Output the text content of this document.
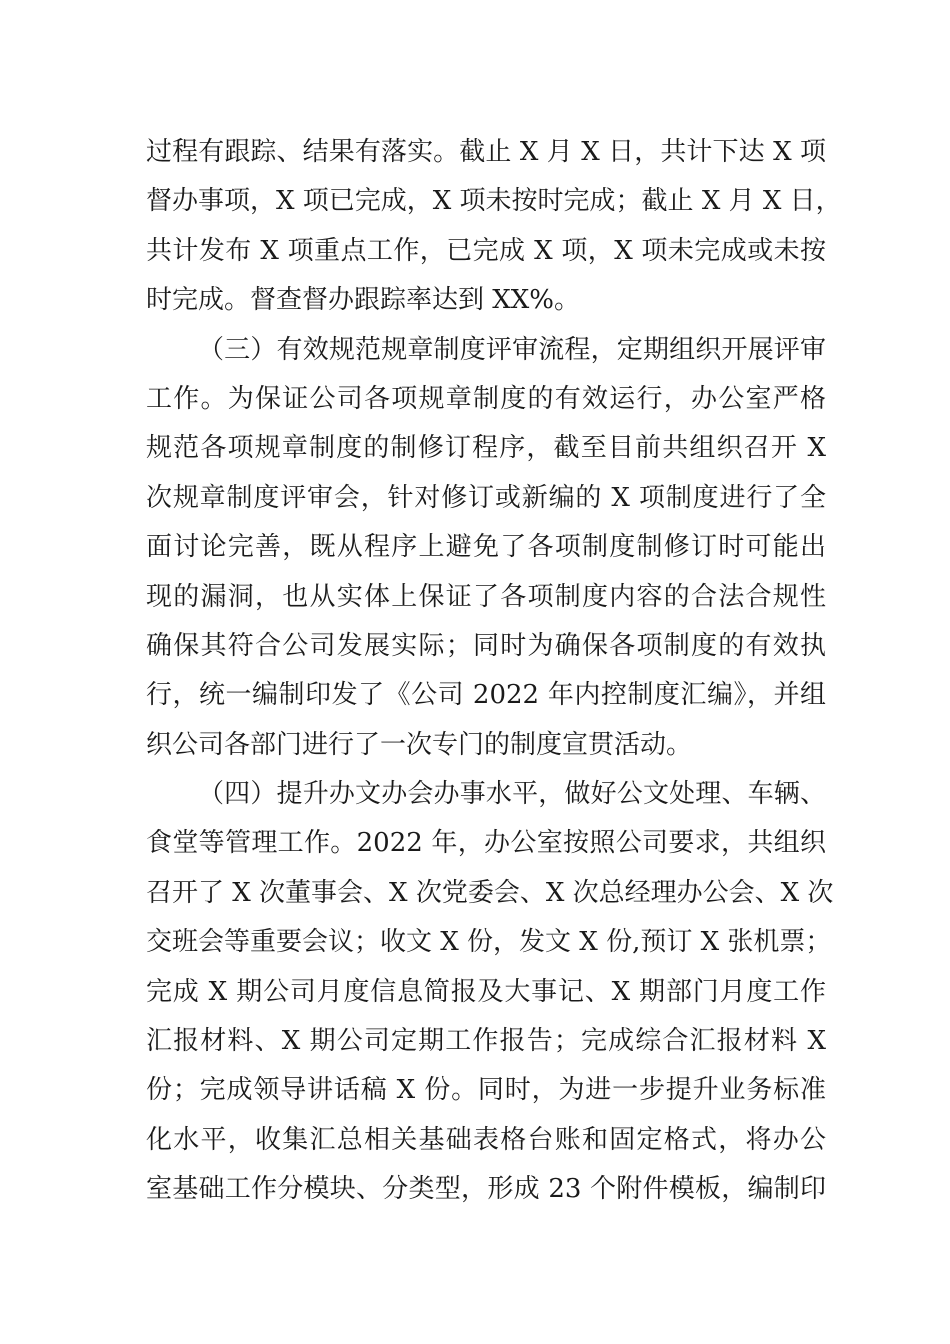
过程有跟踪、结果有落实。截止 X 月 X 日，共计下达 X 项
督办事项，X 项已完成，X 项未按时完成；截止 X 月 X 日，
共计发布 X 项重点工作，已完成 X 项，X 项未完成或未按
时完成。督查督办跟踪率达到 XX%。
（三）有效规范规章制度评审流程，定期组织开展评审
工作。为保证公司各项规章制度的有效运行，办公室严格
规范各项规章制度的制修订程序，截至目前共组织召开 X
次规章制度评审会，针对修订或新编的 X 项制度进行了全
面讨论完善，既从程序上避免了各项制度制修订时可能出
现的漏洞，也从实体上保证了各项制度内容的合法合规性
确保其符合公司发展实际；同时为确保各项制度的有效执
行，统一编制印发了《公司 2022 年内控制度汇编》，并组
织公司各部门进行了一次专门的制度宣贯活动。
（四）提升办文办会办事水平，做好公文处理、车辆、
食堂等管理工作。2022 年，办公室按照公司要求，共组织
召开了 X 次董事会、X 次党委会、X 次总经理办公会、X 次
交班会等重要会议；收文 X 份，发文 X 份,预订 X 张机票；
完成 X 期公司月度信息简报及大事记、X 期部门月度工作
汇报材料、X 期公司定期工作报告；完成综合汇报材料 X
份；完成领导讲话稿 X 份。同时，为进一步提升业务标准
化水平，收集汇总相关基础表格台账和固定格式，将办公
室基础工作分模块、分类型，形成 23 个附件模板，编制印
